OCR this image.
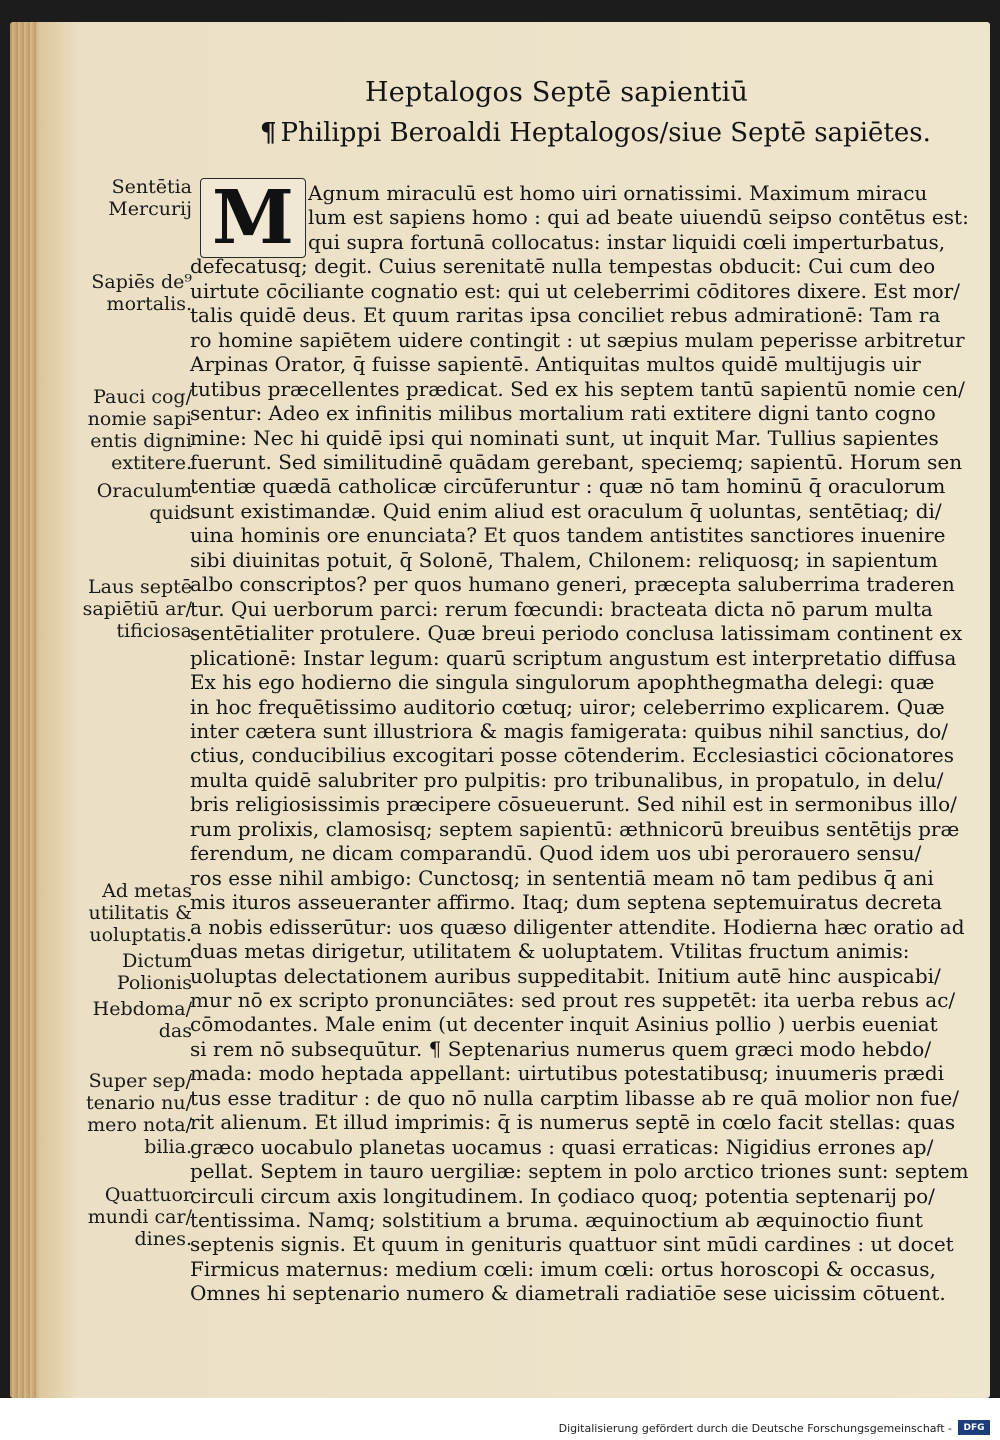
Heptalogos Septē sapientiū
¶ Philippi Beroaldi Heptalogos/siue Septē sapiētes.
Sentētia
Mercurij
Sapiēs de⁹
mortalis.
Pauci cog/
nomie sapi
entis digni
extitere.
Oraculum
quid
Laus septē
sapiētiū ar/
tificiosa
Ad metas
utilitatis &
uoluptatis.
Dictum
Polionis
Hebdoma/
das
Super sep/
tenario nu/
mero nota/
bilia.
Quattuor
mundi car/
dines.
M Agnum miraculū est homo uiri ornatissimi. Maximum miracu
lum est sapiens homo : qui ad beate uiuendū seipso contētus est:
qui supra fortunā collocatus: instar liquidi cœli imperturbatus,
defecatusq; degit. Cuius serenitatē nulla tempestas obducit: Cui cum deo
uirtute cōciliante cognatio est: qui ut celeberrimi cōditores dixere. Est mor/
talis quidē deus. Et quum raritas ipsa conciliet rebus admirationē: Tam ra
ro homine sapiētem uidere contingit : ut sæpius mulam peperisse arbitretur
Arpinas Orator, q̄ fuisse sapientē. Antiquitas multos quidē multijugis uir
tutibus præcellentes prædicat. Sed ex his septem tantū sapientū nomie cen/
sentur: Adeo ex infinitis milibus mortalium rati extitere digni tanto cogno
mine: Nec hi quidē ipsi qui nominati sunt, ut inquit Mar. Tullius sapientes
fuerunt. Sed similitudinē quādam gerebant, speciemq; sapientū. Horum sen
tentiæ quædā catholicæ circūferuntur : quæ nō tam hominū q̄ oraculorum
sunt existimandæ. Quid enim aliud est oraculum q̄ uoluntas, sentētiaq; di/
uina hominis ore enunciata? Et quos tandem antistites sanctiores inuenire
sibi diuinitas potuit, q̄ Solonē, Thalem, Chilonem: reliquosq; in sapientum
albo conscriptos? per quos humano generi, præcepta saluberrima traderen
tur. Qui uerborum parci: rerum fœcundi: bracteata dicta nō parum multa
sentētialiter protulere. Quæ breui periodo conclusa latissimam continent ex
plicationē: Instar legum: quarū scriptum angustum est interpretatio diffusa
Ex his ego hodierno die singula singulorum apophthegmatha delegi: quæ
in hoc frequētissimo auditorio cœtuq; uiror; celeberrimo explicarem. Quæ
inter cætera sunt illustriora & magis famigerata: quibus nihil sanctius, do/
ctius, conducibilius excogitari posse cōtenderim. Ecclesiastici cōcionatores
multa quidē salubriter pro pulpitis: pro tribunalibus, in propatulo, in delu/
bris religiosissimis præcipere cōsueuerunt. Sed nihil est in sermonibus illo/
rum prolixis, clamosisq; septem sapientū: æthnicorū breuibus sentētijs præ
ferendum, ne dicam comparandū. Quod idem uos ubi perorauero sensu/
ros esse nihil ambigo: Cunctosq; in sententiā meam nō tam pedibus q̄ ani
mis ituros asseueranter affirmo. Itaq; dum septena septemuiratus decreta
a nobis edisserūtur: uos quæso diligenter attendite. Hodierna hæc oratio ad
duas metas dirigetur, utilitatem & uoluptatem. Vtilitas fructum animis:
uoluptas delectationem auribus suppeditabit. Initium autē hinc auspicabi/
mur nō ex scripto pronunciātes: sed prout res suppetēt: ita uerba rebus ac/
cōmodantes. Male enim (ut decenter inquit Asinius pollio ) uerbis eueniat
si rem nō subsequūtur. ¶ Septenarius numerus quem græci modo hebdo/
mada: modo heptada appellant: uirtutibus potestatibusq; inuumeris prædi
tus esse traditur : de quo nō nulla carptim libasse ab re quā molior non fue/
rit alienum. Et illud imprimis: q̄ is numerus septē in cœlo facit stellas: quas
græco uocabulo planetas uocamus : quasi erraticas: Nigidius errones ap/
pellat. Septem in tauro uergiliæ: septem in polo arctico triones sunt: septem
circuli circum axis longitudinem. In çodiaco quoq; potentia septenarij po/
tentissima. Namq; solstitium a bruma. æquinoctium ab æquinoctio fiunt
septenis signis. Et quum in genituris quattuor sint mūdi cardines : ut docet
Firmicus maternus: medium cœli: imum cœli: ortus horoscopi & occasus,
Omnes hi septenario numero & diametrali radiatiōe sese uicissim cōtuent.
Digitalisierung gefördert durch die Deutsche Forschungsgemeinschaft -	DFG
